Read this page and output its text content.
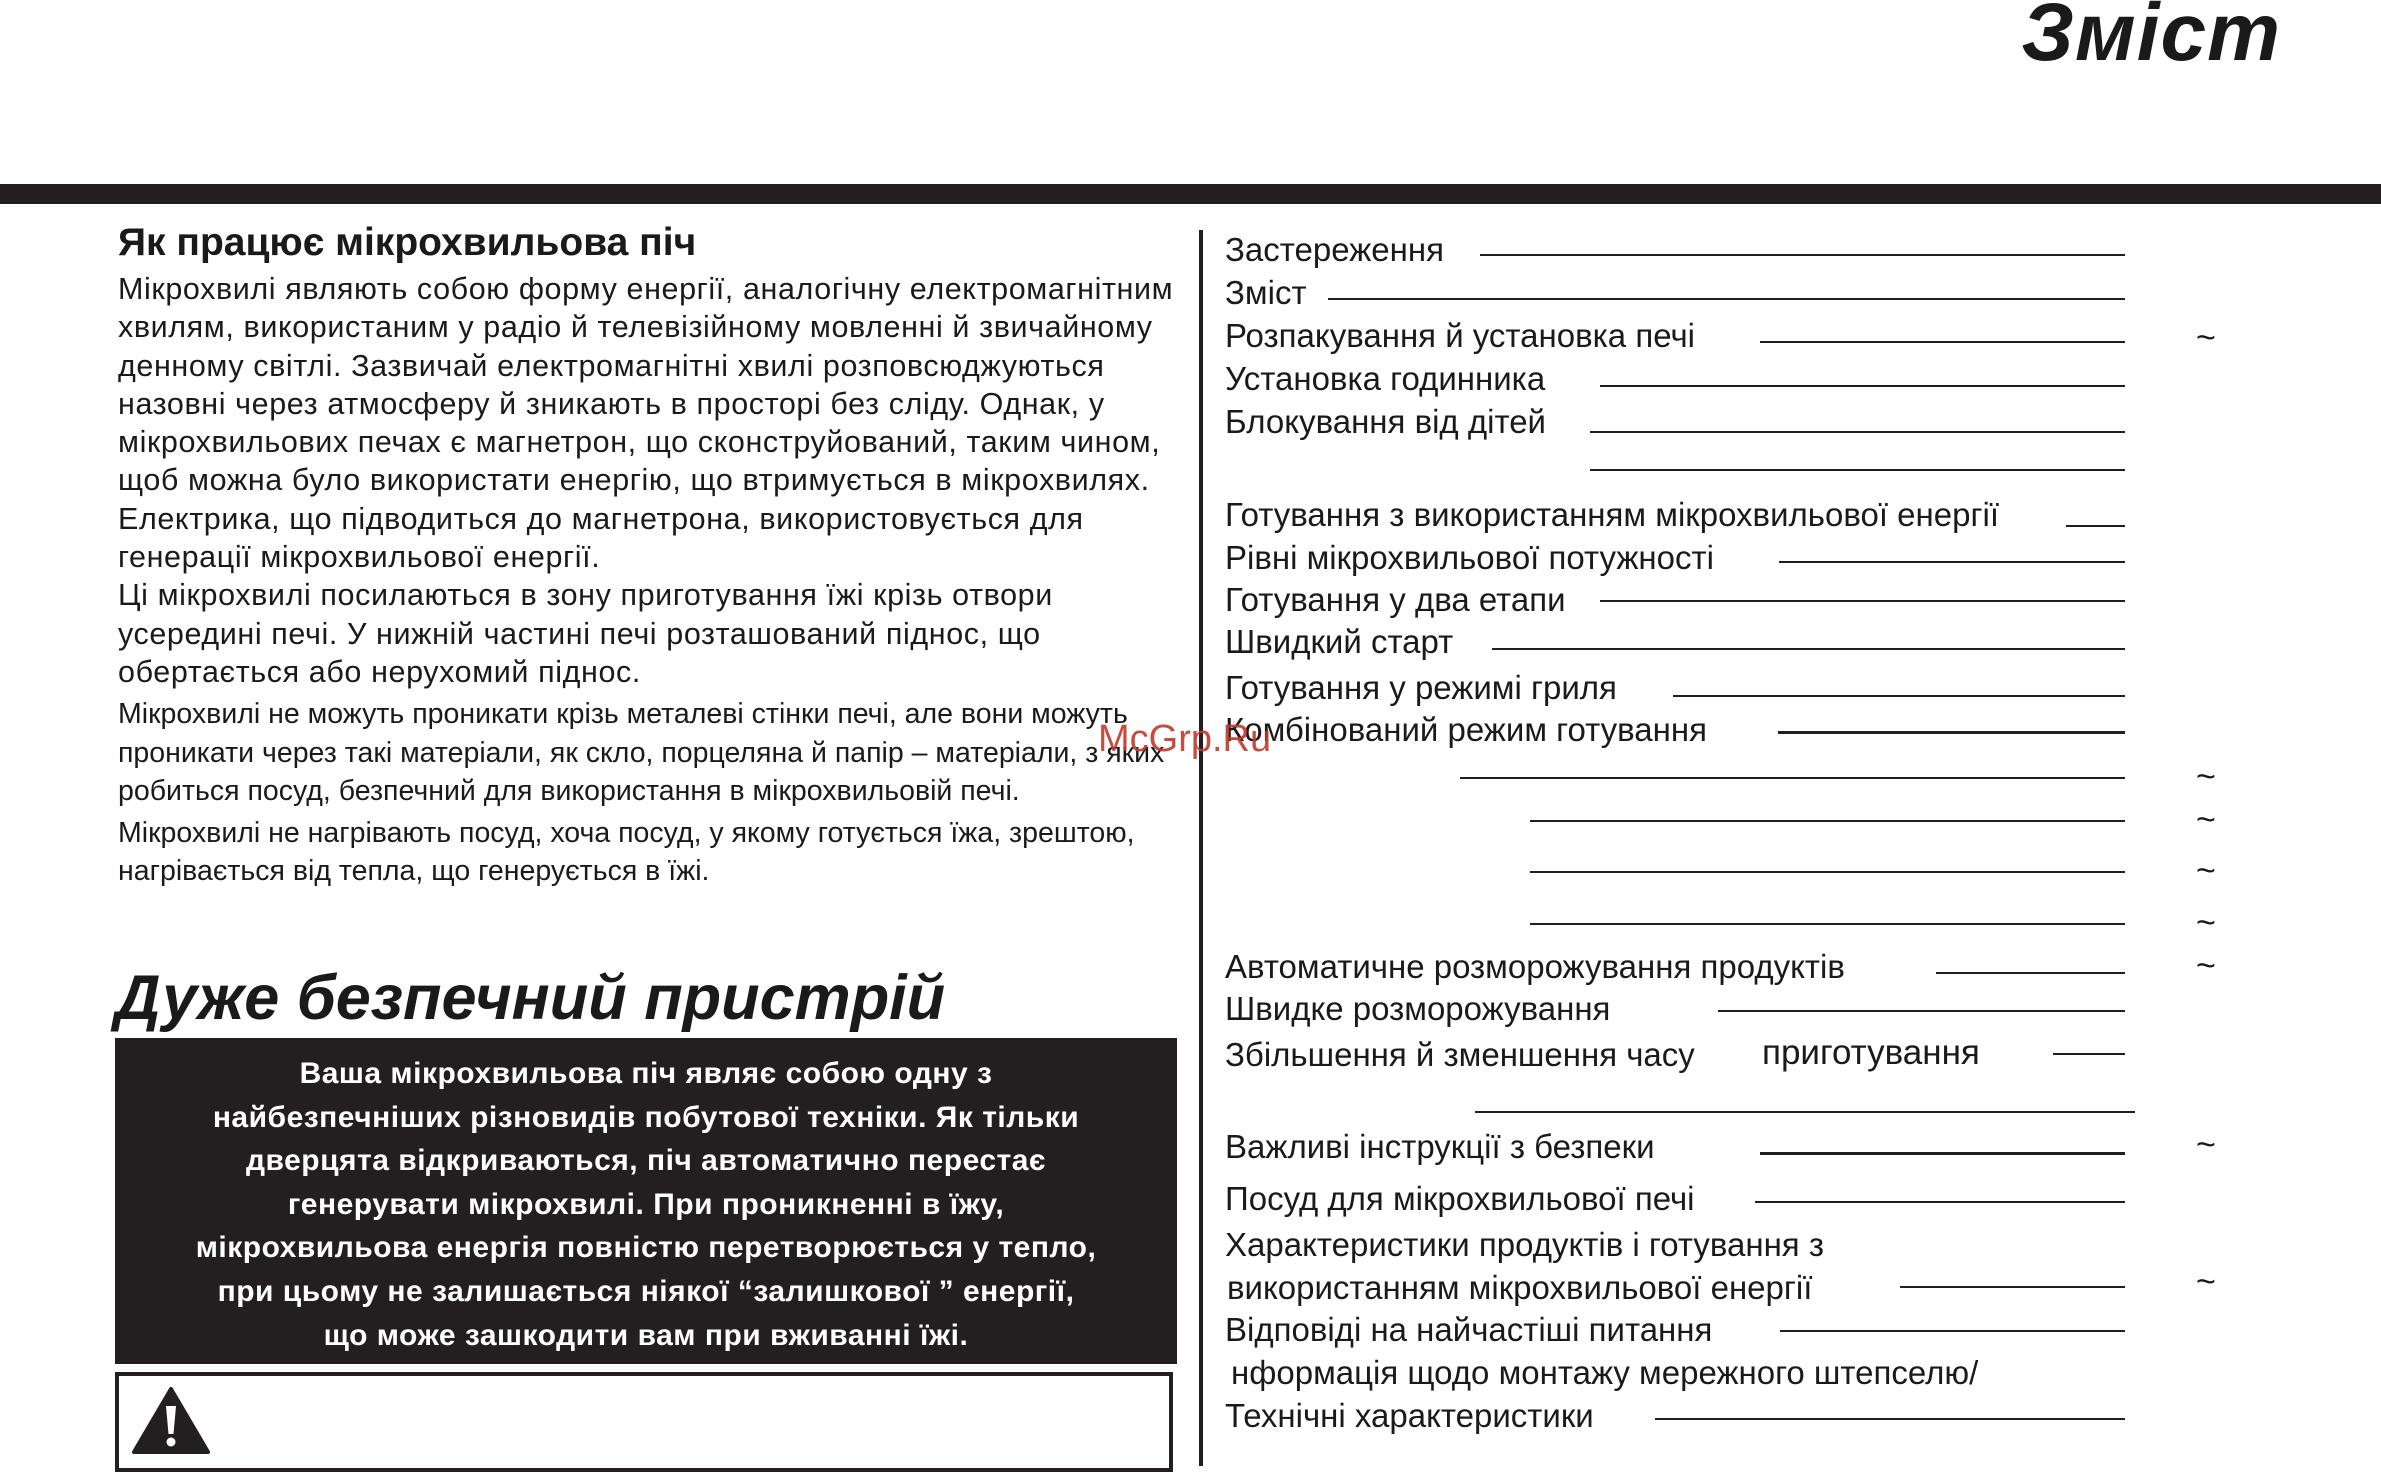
Зміст
Як працює мікрохвильова піч

Мікрохвилі являють собою форму енергії, аналогічну електромагнітним хвилям, використаним у радіо й телевізійному мовленні й звичайному денному світлі. Зазвичай електромагнітні хвилі розповсюджуються назовні через атмосферу й зникають в просторі без сліду. Однак, у мікрохвильових печах є магнетрон, що сконструйований, таким чином, щоб можна було використати енергію, що втримується в мікрохвилях. Електрика, що підводиться до магнетрона, використовується для генерації мікрохвильової енергії.

Ці мікрохвилі посилаються в зону приготування їжі крізь отвори усередині печі. У нижній частині печі розташований піднос, що обертається або нерухомий піднос.

Мікрохвилі не можуть проникати крізь металеві стінки печі, але вони можуть проникати через такі матеріали, як скло, порцеляна й папір – матеріали, з яких робиться посуд, безпечний для використання в мікрохвильовій печі.

Мікрохвилі не нагрівають посуд, хоча посуд, у якому готується їжа, зрештою, нагрівається від тепла, що генерується в їжі.

Дуже безпечний пристрій
Ваша мікрохвильова піч являє собою одну з
найбезпечніших різновидів побутової техніки. Як тільки
дверцята відкриваються, піч автоматично перестає
генерувати мікрохвилі. При проникненні в їжу,
мікрохвильова енергія повністю перетворюється у тепло,
при цьому не залишається ніякої “залишкової ” енергії,
що може зашкодити вам при вживанні їжі.
Застереження
Зміст
Розпакування й установка печі	~
Установка годинника
Блокування від дітей
Готування з використанням мікрохвильової енергії
Рівні мікрохвильової потужності
Готування у два етапи
Швидкий старт
Готування у режимі гриля
Комбінований режим готування
~
~
~
~
Автоматичне розморожування продуктів	~
Швидке розморожування
Збільшення й зменшення часу приготування
Важливі інструкції з безпеки	~
Посуд для мікрохвильової печі
Характеристики продуктів і готування з
використанням мікрохвильової енергії	~
Відповіді на найчастіші питання
нформація щодо монтажу мережного штепселю/
Технічні характеристики
McGrp.Ru
